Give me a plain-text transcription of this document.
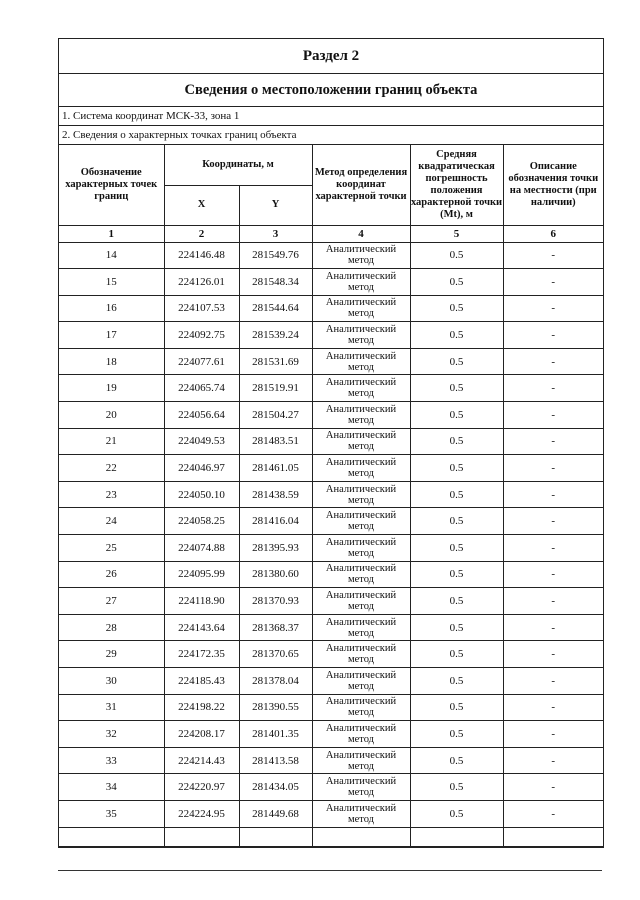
Раздел 2
Сведения о местоположении границ объекта
1. Система координат МСК-33, зона 1
2. Сведения о характерных точках границ объекта
Обозначение характерных точек границ	Координаты, м		Метод определения координат характерной точки	Средняя квадратическая погрешность положения характерной точки (Mt), м	Описание обозначения точки на местности (при наличии)
	X	Y			
1	2	3	4	5	6
14	224146.48	281549.76	Аналитический метод	0.5	-
15	224126.01	281548.34	Аналитический метод	0.5	-
16	224107.53	281544.64	Аналитический метод	0.5	-
17	224092.75	281539.24	Аналитический метод	0.5	-
18	224077.61	281531.69	Аналитический метод	0.5	-
19	224065.74	281519.91	Аналитический метод	0.5	-
20	224056.64	281504.27	Аналитический метод	0.5	-
21	224049.53	281483.51	Аналитический метод	0.5	-
22	224046.97	281461.05	Аналитический метод	0.5	-
23	224050.10	281438.59	Аналитический метод	0.5	-
24	224058.25	281416.04	Аналитический метод	0.5	-
25	224074.88	281395.93	Аналитический метод	0.5	-
26	224095.99	281380.60	Аналитический метод	0.5	-
27	224118.90	281370.93	Аналитический метод	0.5	-
28	224143.64	281368.37	Аналитический метод	0.5	-
29	224172.35	281370.65	Аналитический метод	0.5	-
30	224185.43	281378.04	Аналитический метод	0.5	-
31	224198.22	281390.55	Аналитический метод	0.5	-
32	224208.17	281401.35	Аналитический метод	0.5	-
33	224214.43	281413.58	Аналитический метод	0.5	-
34	224220.97	281434.05	Аналитический метод	0.5	-
35	224224.95	281449.68	Аналитический метод	0.5	-
